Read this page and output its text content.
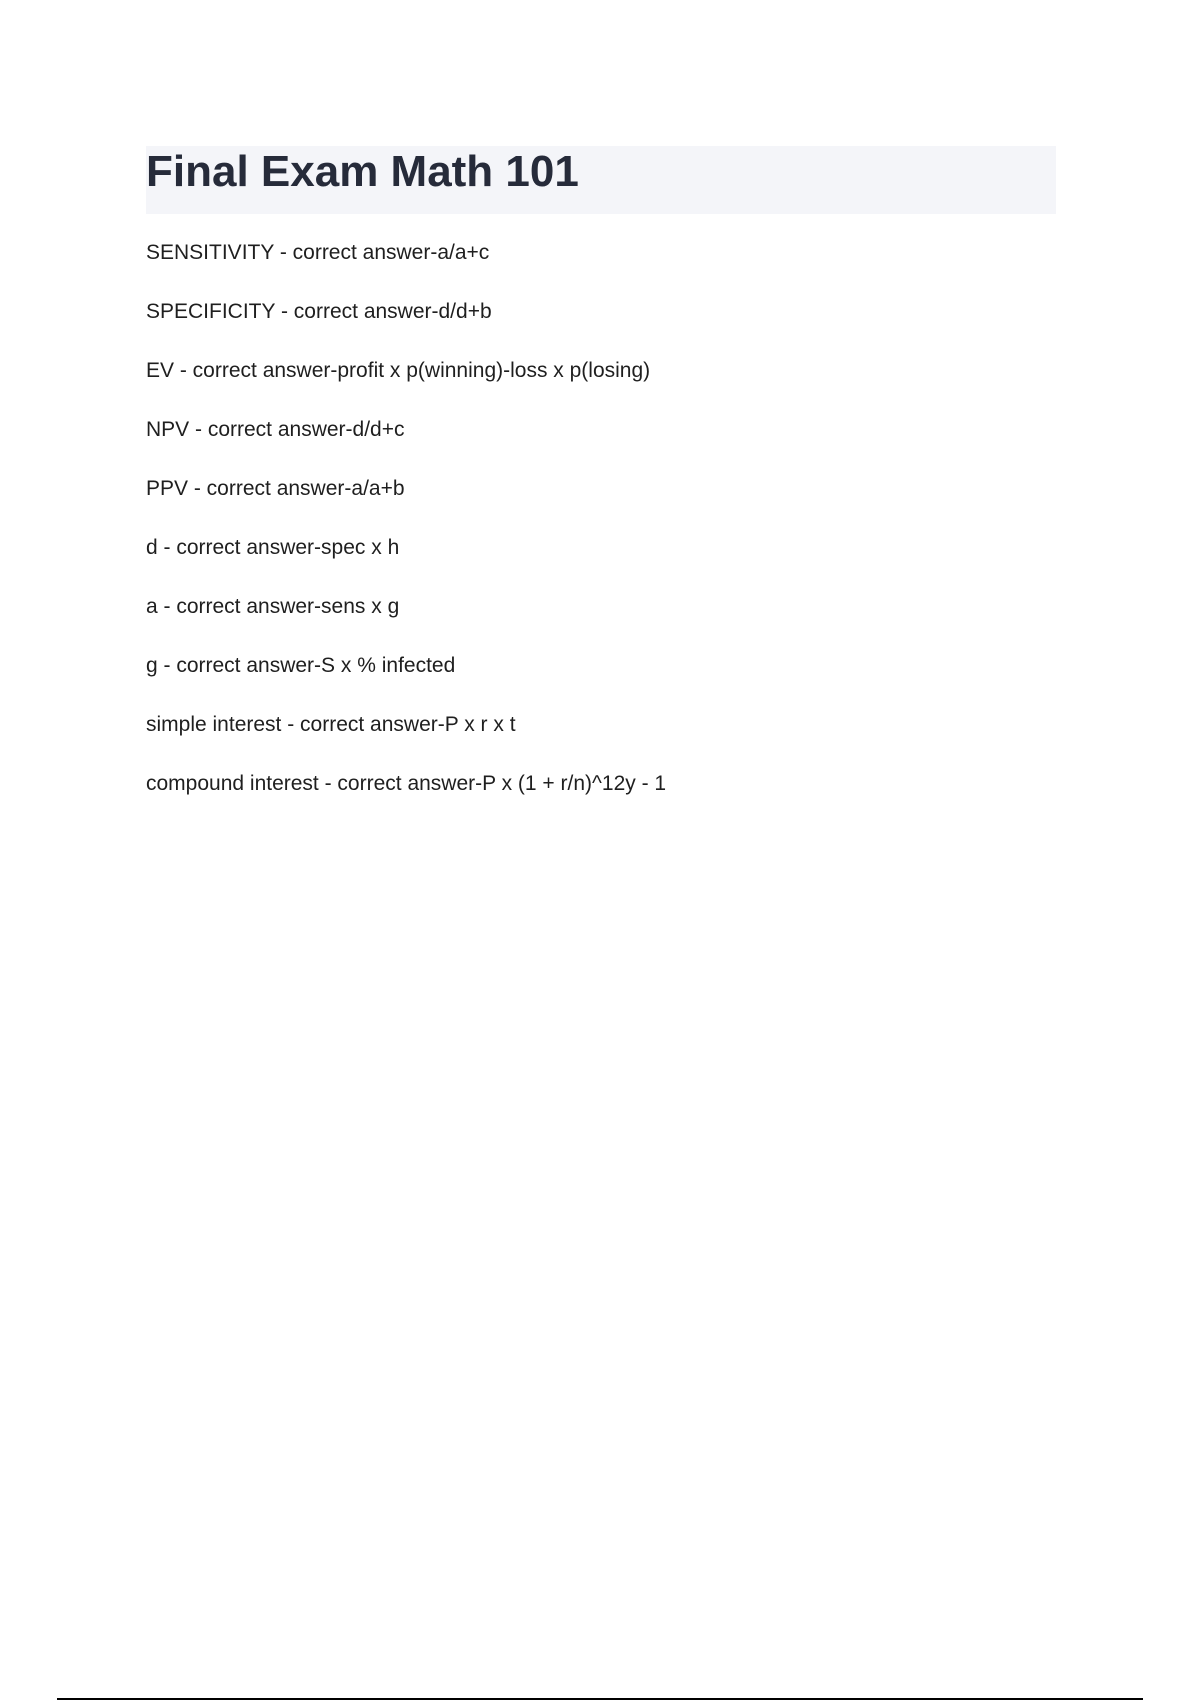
Final Exam Math 101
SENSITIVITY - correct answer-a/a+c
SPECIFICITY - correct answer-d/d+b
EV - correct answer-profit x p(winning)-loss x p(losing)
NPV - correct answer-d/d+c
PPV - correct answer-a/a+b
d - correct answer-spec x h
a - correct answer-sens x g
g - correct answer-S x % infected
simple interest - correct answer-P x r x t
compound interest - correct answer-P x (1 + r/n)^12y - 1
